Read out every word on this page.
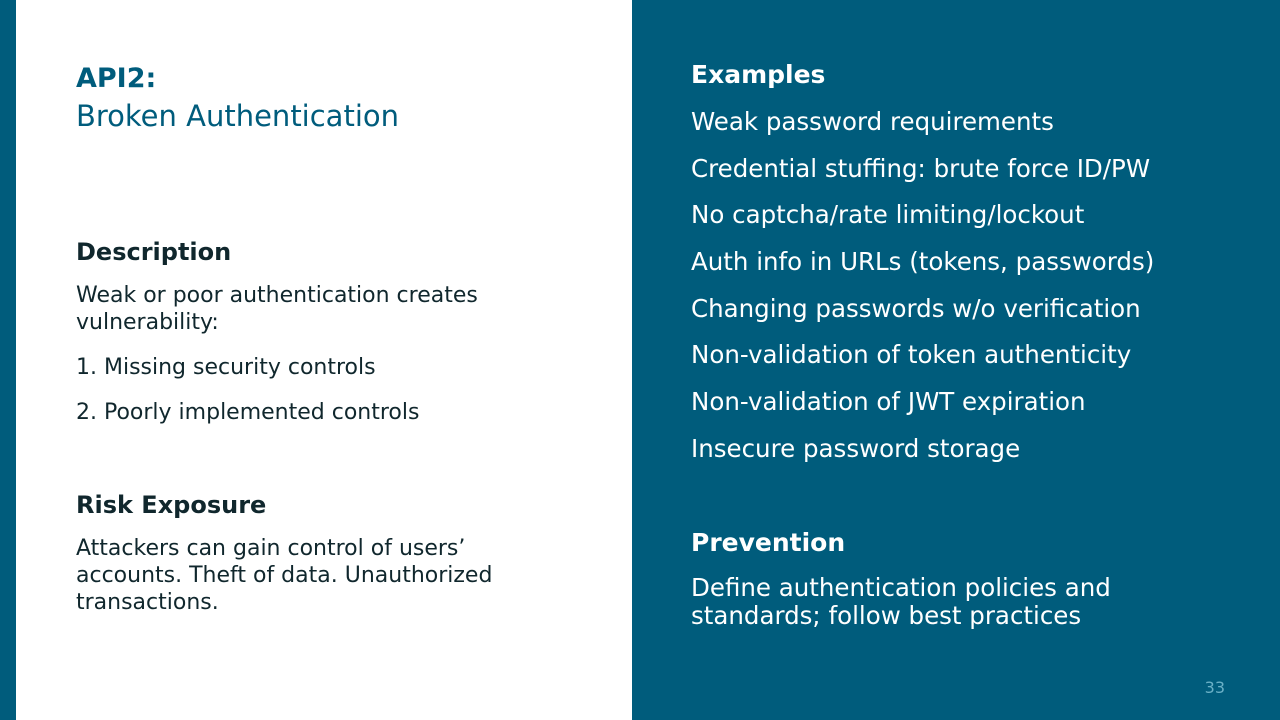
API2:
Broken Authentication
Description
Weak or poor authentication creates vulnerability:
1. Missing security controls
2. Poorly implemented controls
Risk Exposure
Attackers can gain control of users’ accounts. Theft of data. Unauthorized transactions.
Examples
Weak password requirements
Credential stuffing: brute force ID/PW
No captcha/rate limiting/lockout
Auth info in URLs (tokens, passwords)
Changing passwords w/o verification
Non-validation of token authenticity
Non-validation of JWT expiration
Insecure password storage
Prevention
Define authentication policies and standards; follow best practices
33
